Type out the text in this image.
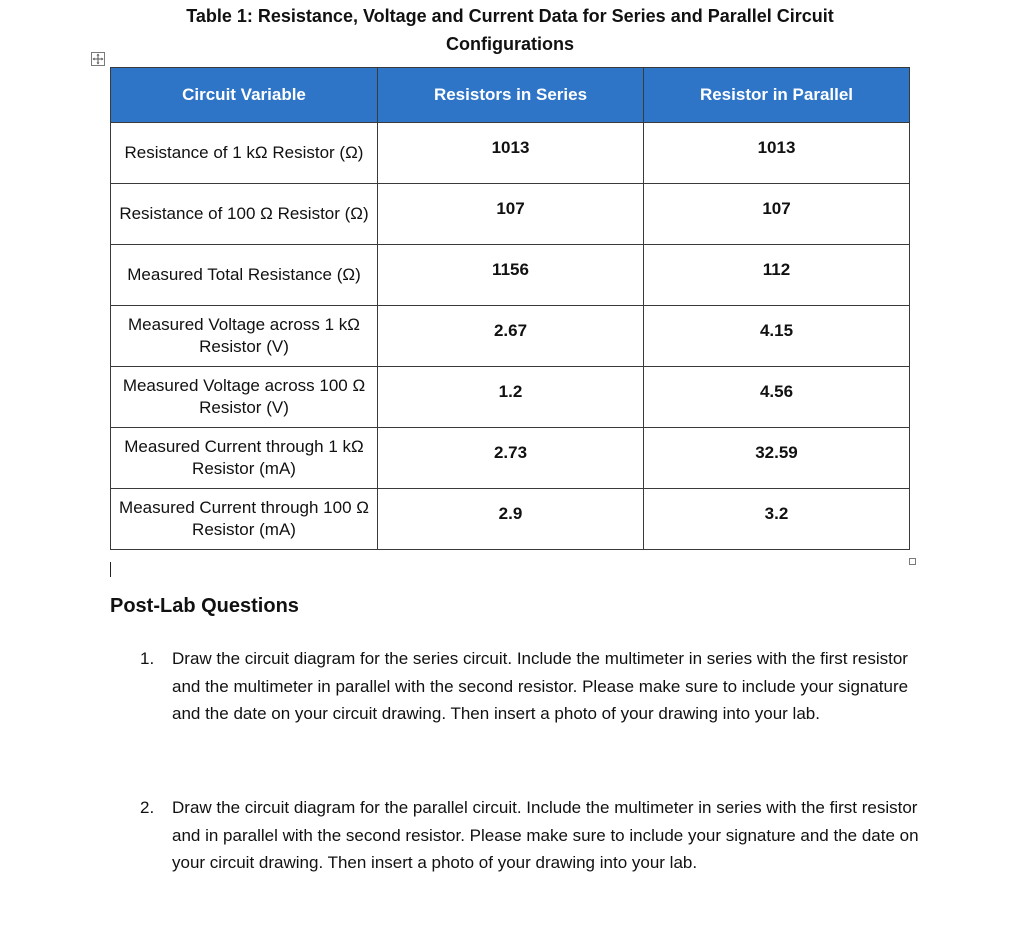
Table 1: Resistance, Voltage and Current Data for Series and Parallel Circuit
Configurations
Circuit Variable	Resistors in Series	Resistor in Parallel
Resistance of 1 kΩ Resistor (Ω)	1013	1013
Resistance of 100 Ω Resistor (Ω)	107	107
Measured Total Resistance (Ω)	1156	112
Measured Voltage across 1 kΩ Resistor (V)	2.67	4.15
Measured Voltage across 100 Ω Resistor (V)	1.2	4.56
Measured Current through 1 kΩ Resistor (mA)	2.73	32.59
Measured Current through 100 Ω Resistor (mA)	2.9	3.2
Post-Lab Questions
1. Draw the circuit diagram for the series circuit. Include the multimeter in series with the first resistor and the multimeter in parallel with the second resistor. Please make sure to include your signature and the date on your circuit drawing. Then insert a photo of your drawing into your lab.
2. Draw the circuit diagram for the parallel circuit. Include the multimeter in series with the first resistor and in parallel with the second resistor. Please make sure to include your signature and the date on your circuit drawing. Then insert a photo of your drawing into your lab.
